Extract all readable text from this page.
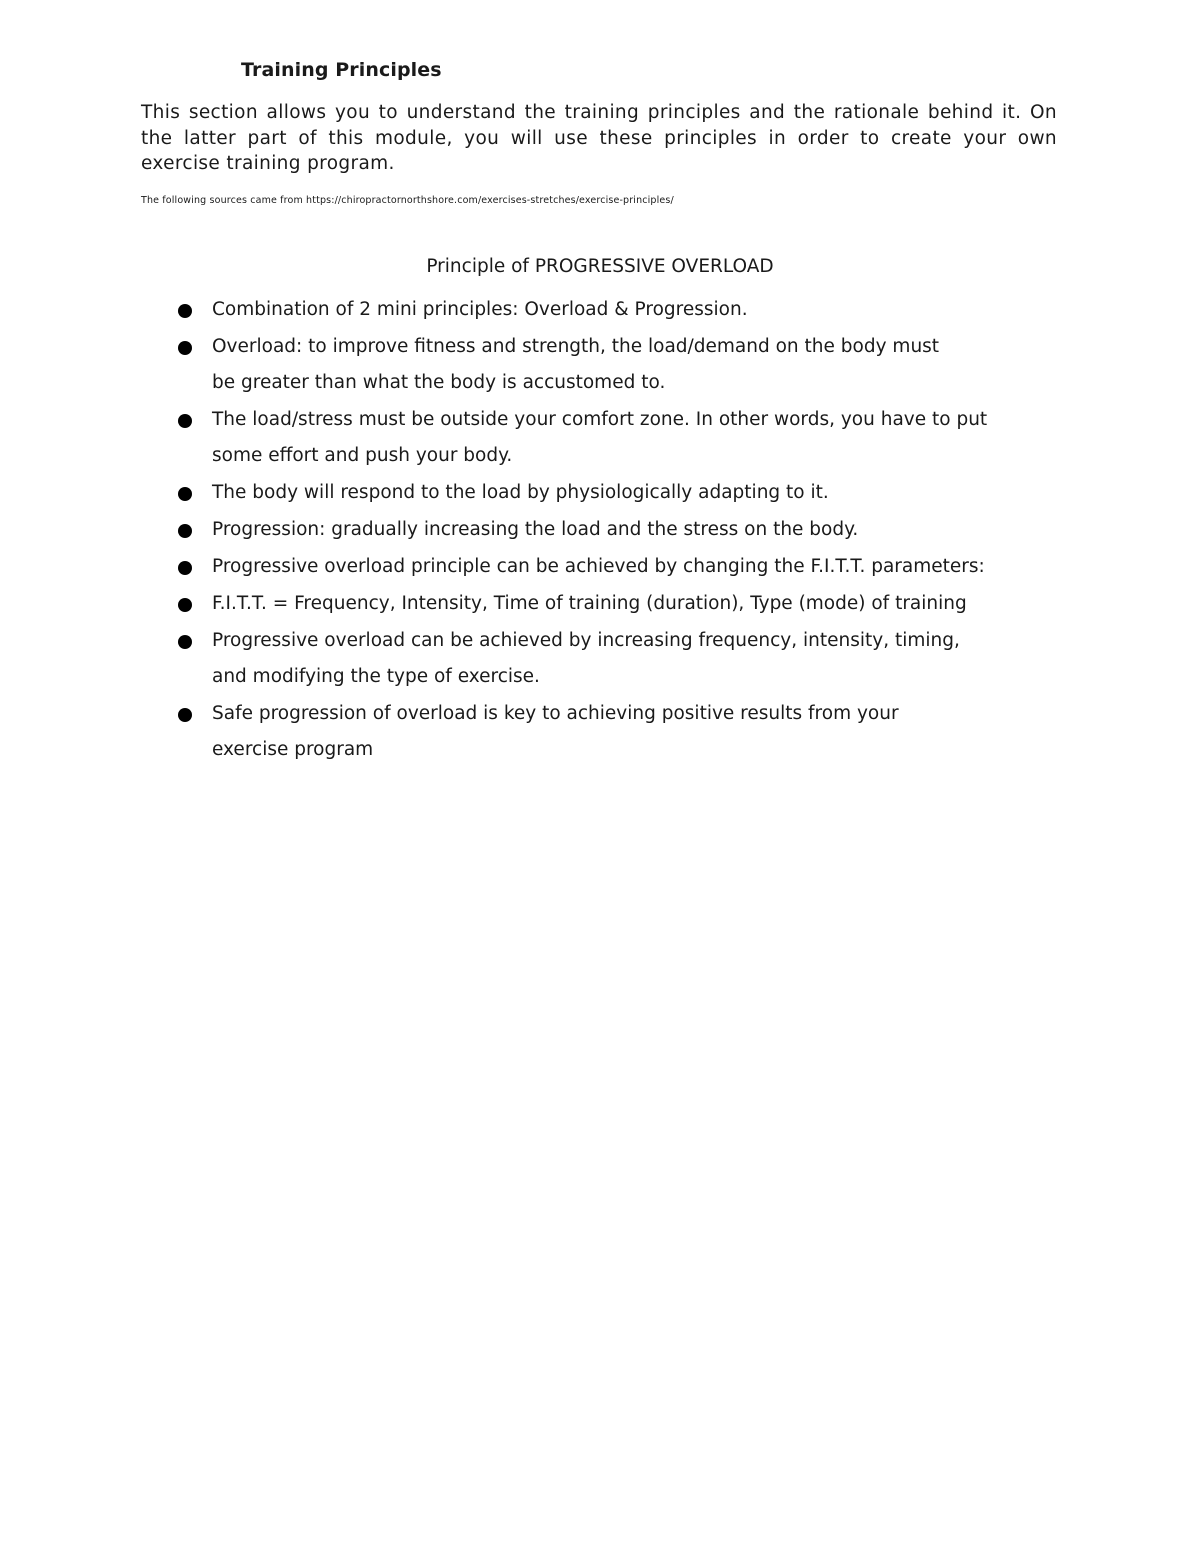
Training Principles
This section allows you to understand the training principles and the rationale behind it. On the latter part of this module, you will use these principles in order to create your own exercise training program.
The following sources came from https://chiropractornorthshore.com/exercises-stretches/exercise-principles/
Principle of PROGRESSIVE OVERLOAD
Combination of 2 mini principles: Overload & Progression.
Overload: to improve fitness and strength, the load/demand on the body must
be greater than what the body is accustomed to.
The load/stress must be outside your comfort zone. In other words, you have to put
some effort and push your body.
The body will respond to the load by physiologically adapting to it.
Progression: gradually increasing the load and the stress on the body.
Progressive overload principle can be achieved by changing the F.I.T.T. parameters:
F.I.T.T. = Frequency, Intensity, Time of training (duration), Type (mode) of training
Progressive overload can be achieved by increasing frequency, intensity, timing,
and modifying the type of exercise.
Safe progression of overload is key to achieving positive results from your
exercise program
